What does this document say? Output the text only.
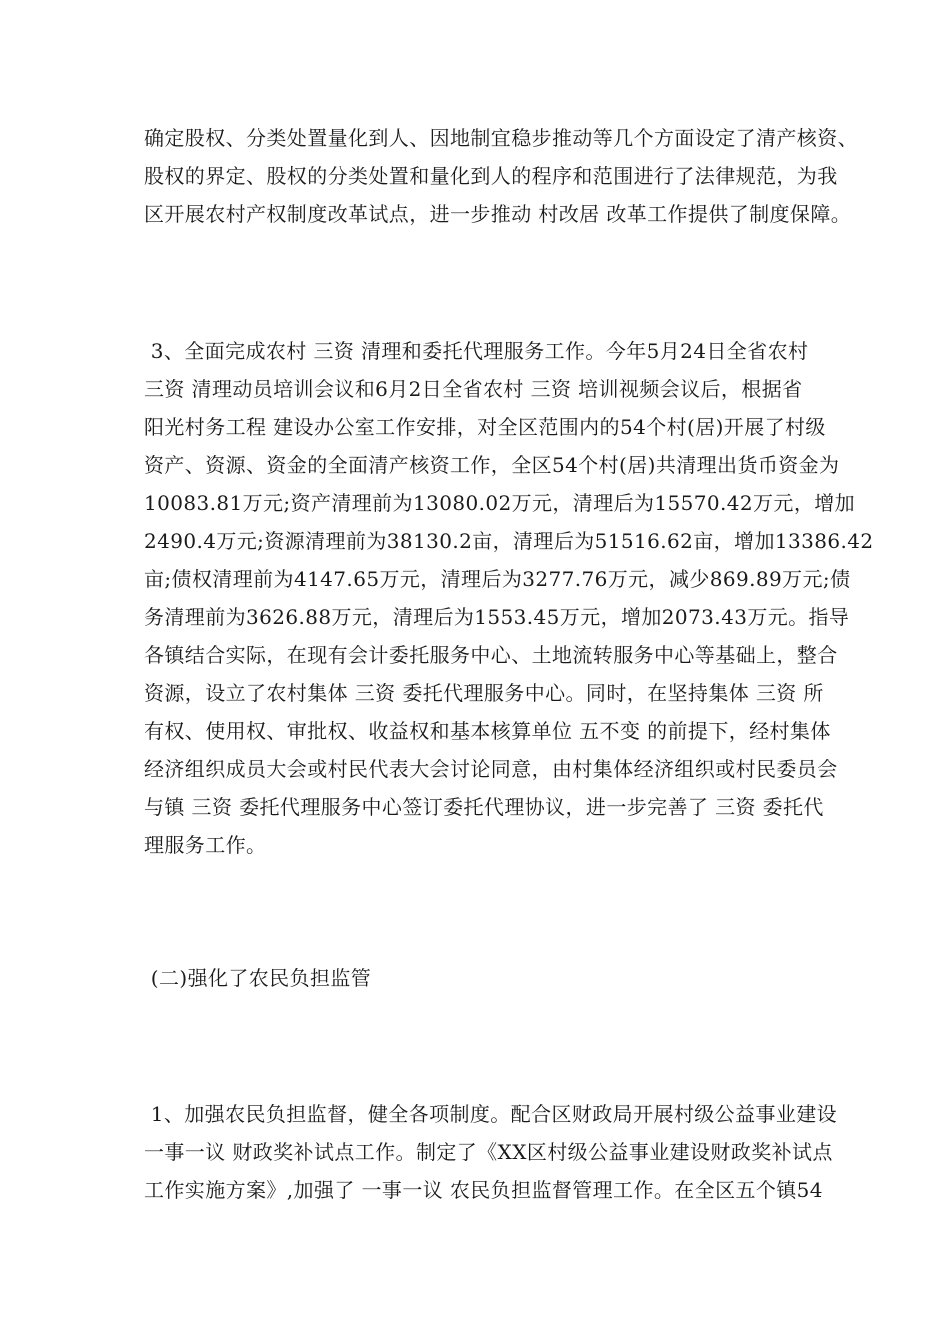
确定股权、分类处置量化到人、因地制宜稳步推动等几个方面设定了清产核资、
股权的界定、股权的分类处置和量化到人的程序和范围进行了法律规范，为我
区开展农村产权制度改革试点，进一步推动 村改居 改革工作提供了制度保障。
3、全面完成农村 三资 清理和委托代理服务工作。今年5月24日全省农村
三资 清理动员培训会议和6月2日全省农村 三资 培训视频会议后，根据省
阳光村务工程 建设办公室工作安排，对全区范围内的54个村(居)开展了村级
资产、资源、资金的全面清产核资工作，全区54个村(居)共清理出货币资金为
10083.81万元;资产清理前为13080.02万元，清理后为15570.42万元，增加
2490.4万元;资源清理前为38130.2亩，清理后为51516.62亩，增加13386.42
亩;债权清理前为4147.65万元，清理后为3277.76万元，减少869.89万元;债
务清理前为3626.88万元，清理后为1553.45万元，增加2073.43万元。指导
各镇结合实际，在现有会计委托服务中心、土地流转服务中心等基础上，整合
资源，设立了农村集体 三资 委托代理服务中心。同时，在坚持集体 三资 所
有权、使用权、审批权、收益权和基本核算单位 五不变 的前提下，经村集体
经济组织成员大会或村民代表大会讨论同意，由村集体经济组织或村民委员会
与镇 三资 委托代理服务中心签订委托代理协议，进一步完善了 三资 委托代
理服务工作。
(二)强化了农民负担监管
1、加强农民负担监督，健全各项制度。配合区财政局开展村级公益事业建设
一事一议 财政奖补试点工作。制定了《XX区村级公益事业建设财政奖补试点
工作实施方案》,加强了 一事一议 农民负担监督管理工作。在全区五个镇54
